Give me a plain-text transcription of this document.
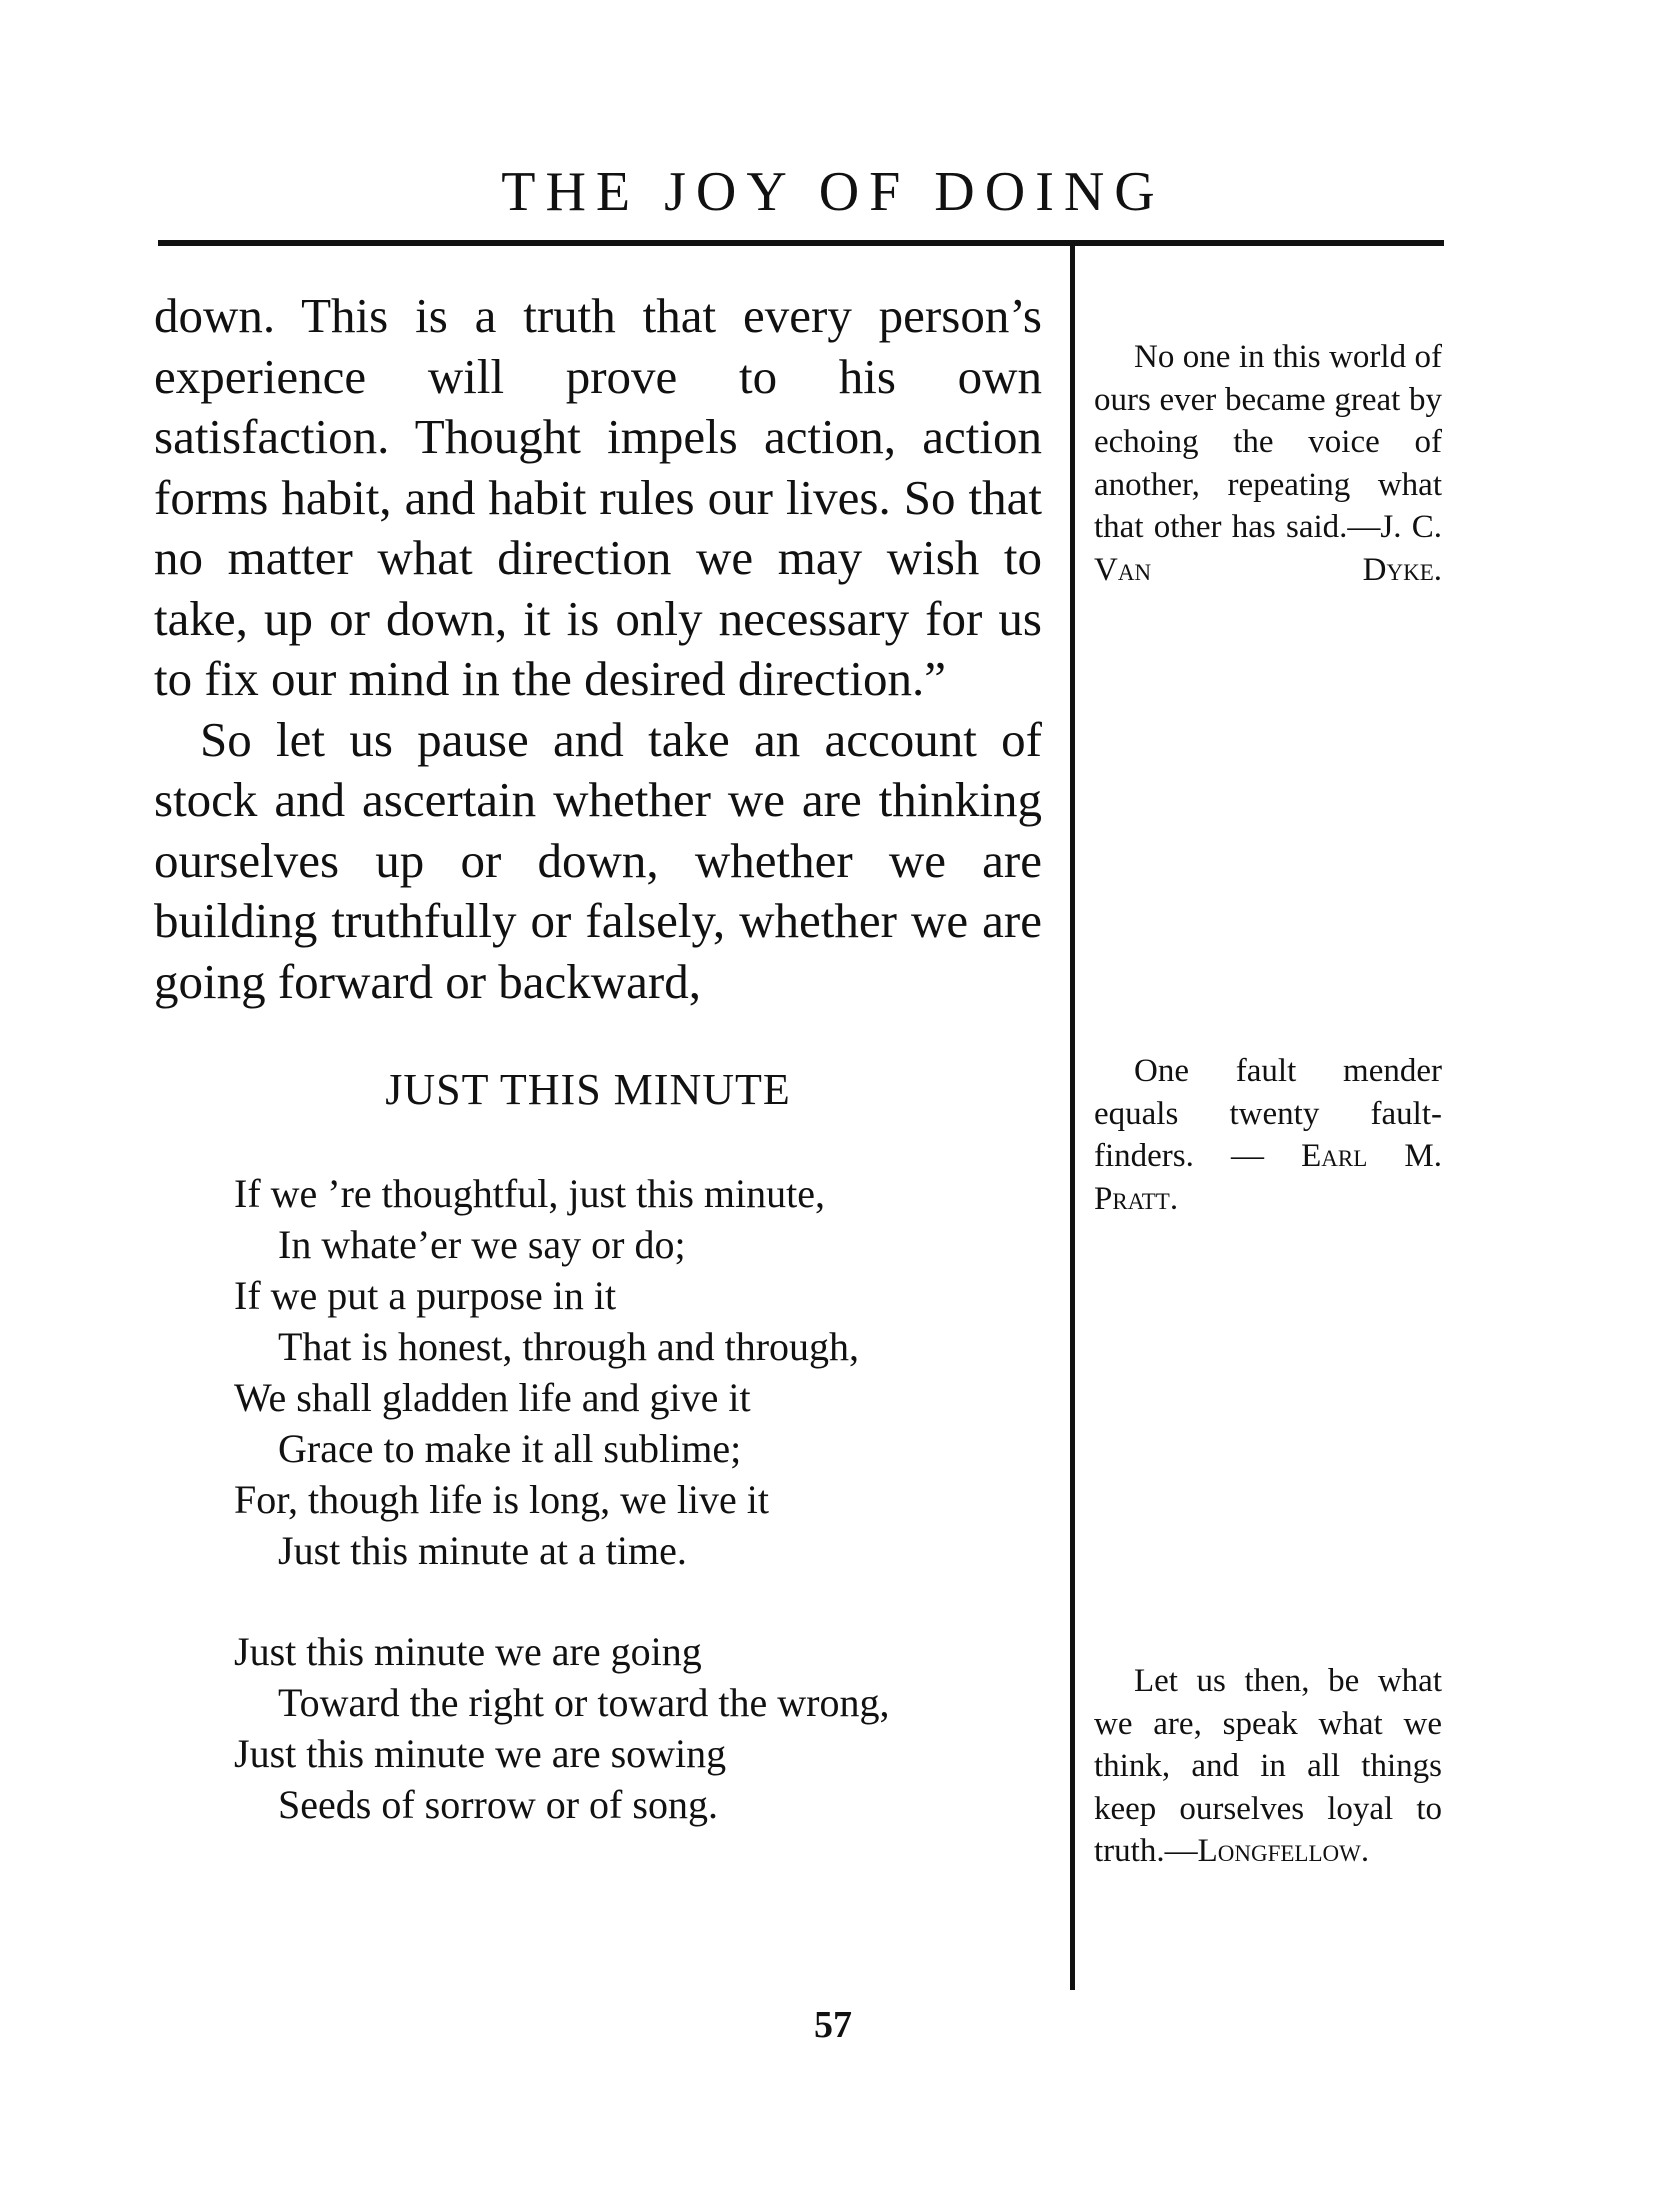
THE JOY OF DOING

down. This is a truth that every person’s experience will prove to his own satisfaction. Thought impels action, action forms habit, and habit rules our lives. So that no matter what direction we may wish to take, up or down, it is only necessary for us to fix our mind in the desired direction.”

So let us pause and take an account of stock and ascertain whether we are thinking ourselves up or down, whether we are building truthfully or falsely, whether we are going forward or backward,

JUST THIS MINUTE
If we ’re thoughtful, just this minute,
In whate’er we say or do;
If we put a purpose in it
That is honest, through and through,
We shall gladden life and give it
Grace to make it all sublime;
For, though life is long, we live it
Just this minute at a time.
Just this minute we are going
Toward the right or toward the wrong,
Just this minute we are sowing
Seeds of sorrow or of song.

No one in this world of ours ever became great by echoing the voice of another, repeating what that other has said.—J. C. Van Dyke.

One fault mender equals twenty fault-finders. — Earl M. Pratt.

Let us then, be what we are, speak what we think, and in all things keep ourselves loyal to truth.—Longfellow.

57
